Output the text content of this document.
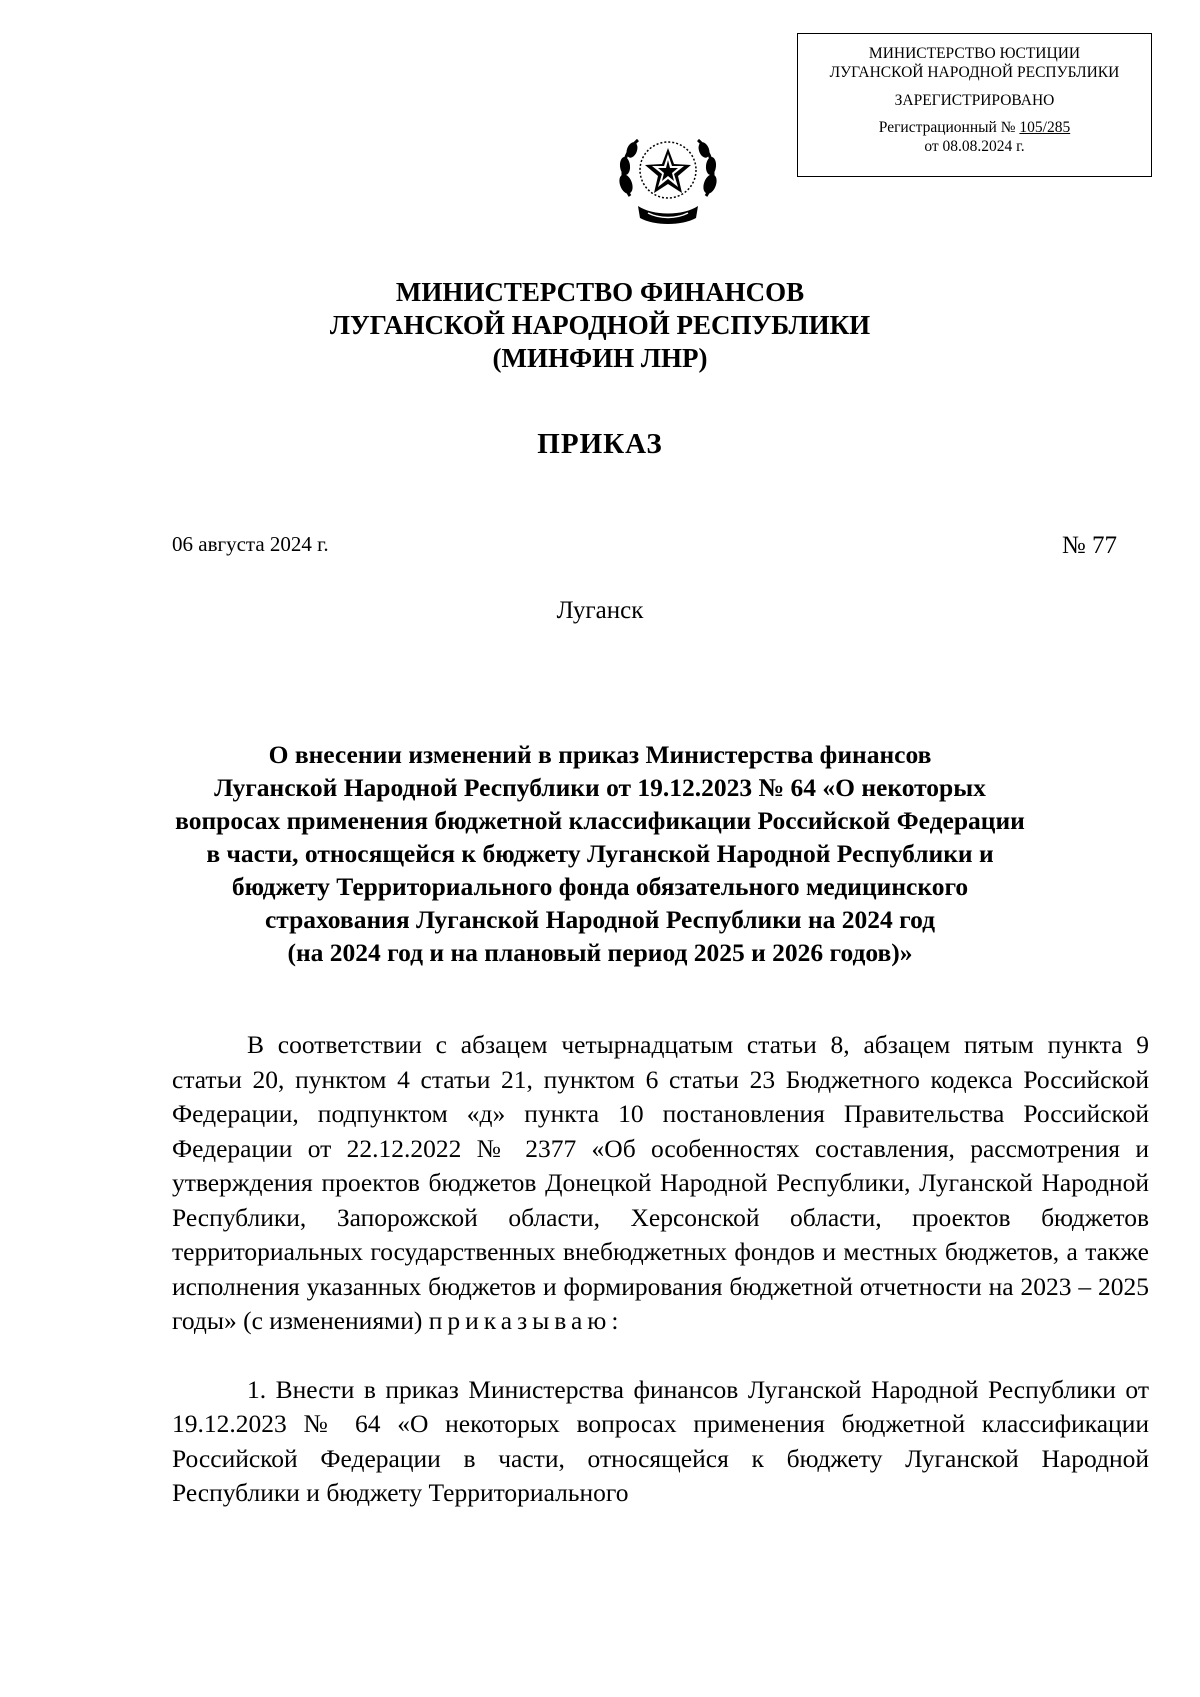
МИНИСТЕРСТВО ЮСТИЦИИ
ЛУГАНСКОЙ НАРОДНОЙ РЕСПУБЛИКИ
ЗАРЕГИСТРИРОВАНО
Регистрационный № 105/285
от 08.08.2024 г.
МИНИСТЕРСТВО ФИНАНСОВ
ЛУГАНСКОЙ НАРОДНОЙ РЕСПУБЛИКИ
(МИНФИН ЛНР)
ПРИКАЗ
06 августа 2024 г.	№ 77
Луганск
О внесении изменений в приказ Министерства финансов
Луганской Народной Республики от 19.12.2023 № 64 «О некоторых
вопросах применения бюджетной классификации Российской Федерации
в части, относящейся к бюджету Луганской Народной Республики и
бюджету Территориального фонда обязательного медицинского
страхования Луганской Народной Республики на 2024 год
(на 2024 год и на плановый период 2025 и 2026 годов)»

В соответствии с абзацем четырнадцатым статьи 8, абзацем пятым пункта 9 статьи 20, пунктом 4 статьи 21, пунктом 6 статьи 23 Бюджетного кодекса Российской Федерации, подпунктом «д» пункта 10 постановления Правительства Российской Федерации от 22.12.2022 № 2377 «Об особенностях составления, рассмотрения и утверждения проектов бюджетов Донецкой Народной Республики, Луганской Народной Республики, Запорожской области, Херсонской области, проектов бюджетов территориальных государственных внебюджетных фондов и местных бюджетов, а также исполнения указанных бюджетов и формирования бюджетной отчетности на 2023 – 2025 годы» (с изменениями) приказываю:

1. Внести в приказ Министерства финансов Луганской Народной Республики от 19.12.2023 № 64 «О некоторых вопросах применения бюджетной классификации Российской Федерации в части, относящейся к бюджету Луганской Народной Республики и бюджету Территориального
